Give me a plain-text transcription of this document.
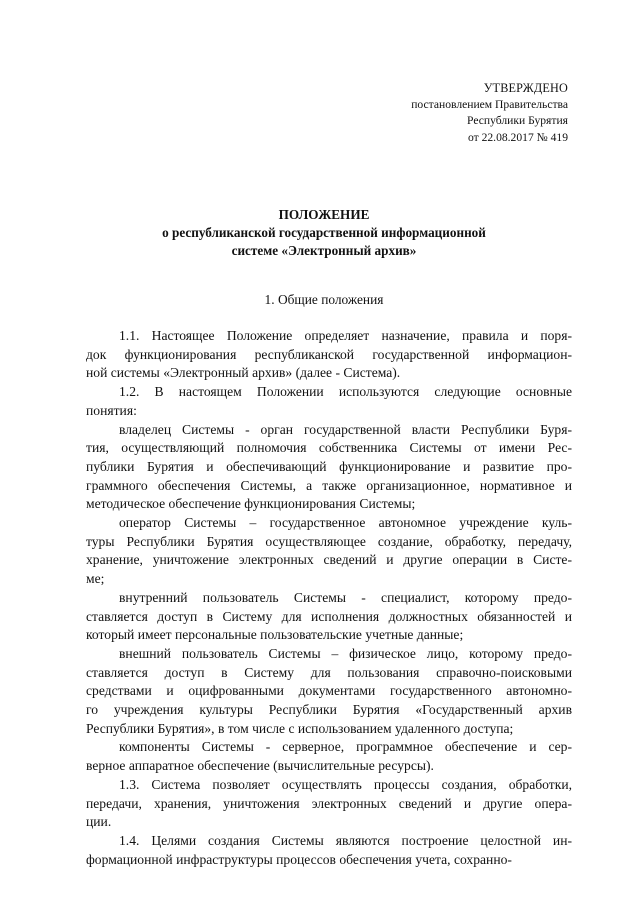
УТВЕРЖДЕНО
постановлением Правительства
Республики Бурятия
от 22.08.2017 № 419
ПОЛОЖЕНИЕ
о республиканской государственной информационной
системе «Электронный архив»
1. Общие положения
1.1. Настоящее Положение определяет назначение, правила и поря-
док функционирования республиканской государственной информацион-
ной системы «Электронный архив» (далее - Система).
1.2. В настоящем Положении используются следующие основные
понятия:
владелец Системы - орган государственной власти Республики Буря-
тия, осуществляющий полномочия собственника Системы от имени Рес-
публики Бурятия и обеспечивающий функционирование и развитие про-
граммного обеспечения Системы, а также организационное, нормативное и
методическое обеспечение функционирования Системы;
оператор Системы – государственное автономное учреждение куль-
туры Республики Бурятия осуществляющее создание, обработку, передачу,
хранение, уничтожение электронных сведений и другие операции в Систе-
ме;
внутренний пользователь Системы - специалист, которому предо-
ставляется доступ в Систему для исполнения должностных обязанностей и
который имеет персональные пользовательские учетные данные;
внешний пользователь Системы – физическое лицо, которому предо-
ставляется доступ в Систему для пользования справочно-поисковыми
средствами и оцифрованными документами государственного автономно-
го учреждения культуры Республики Бурятия «Государственный архив
Республики Бурятия», в том числе с использованием удаленного доступа;
компоненты Системы - серверное, программное обеспечение и сер-
верное аппаратное обеспечение (вычислительные ресурсы).
1.3. Система позволяет осуществлять процессы создания, обработки,
передачи, хранения, уничтожения электронных сведений и другие опера-
ции.
1.4. Целями создания Системы являются построение целостной ин-
формационной инфраструктуры процессов обеспечения учета, сохранно-
